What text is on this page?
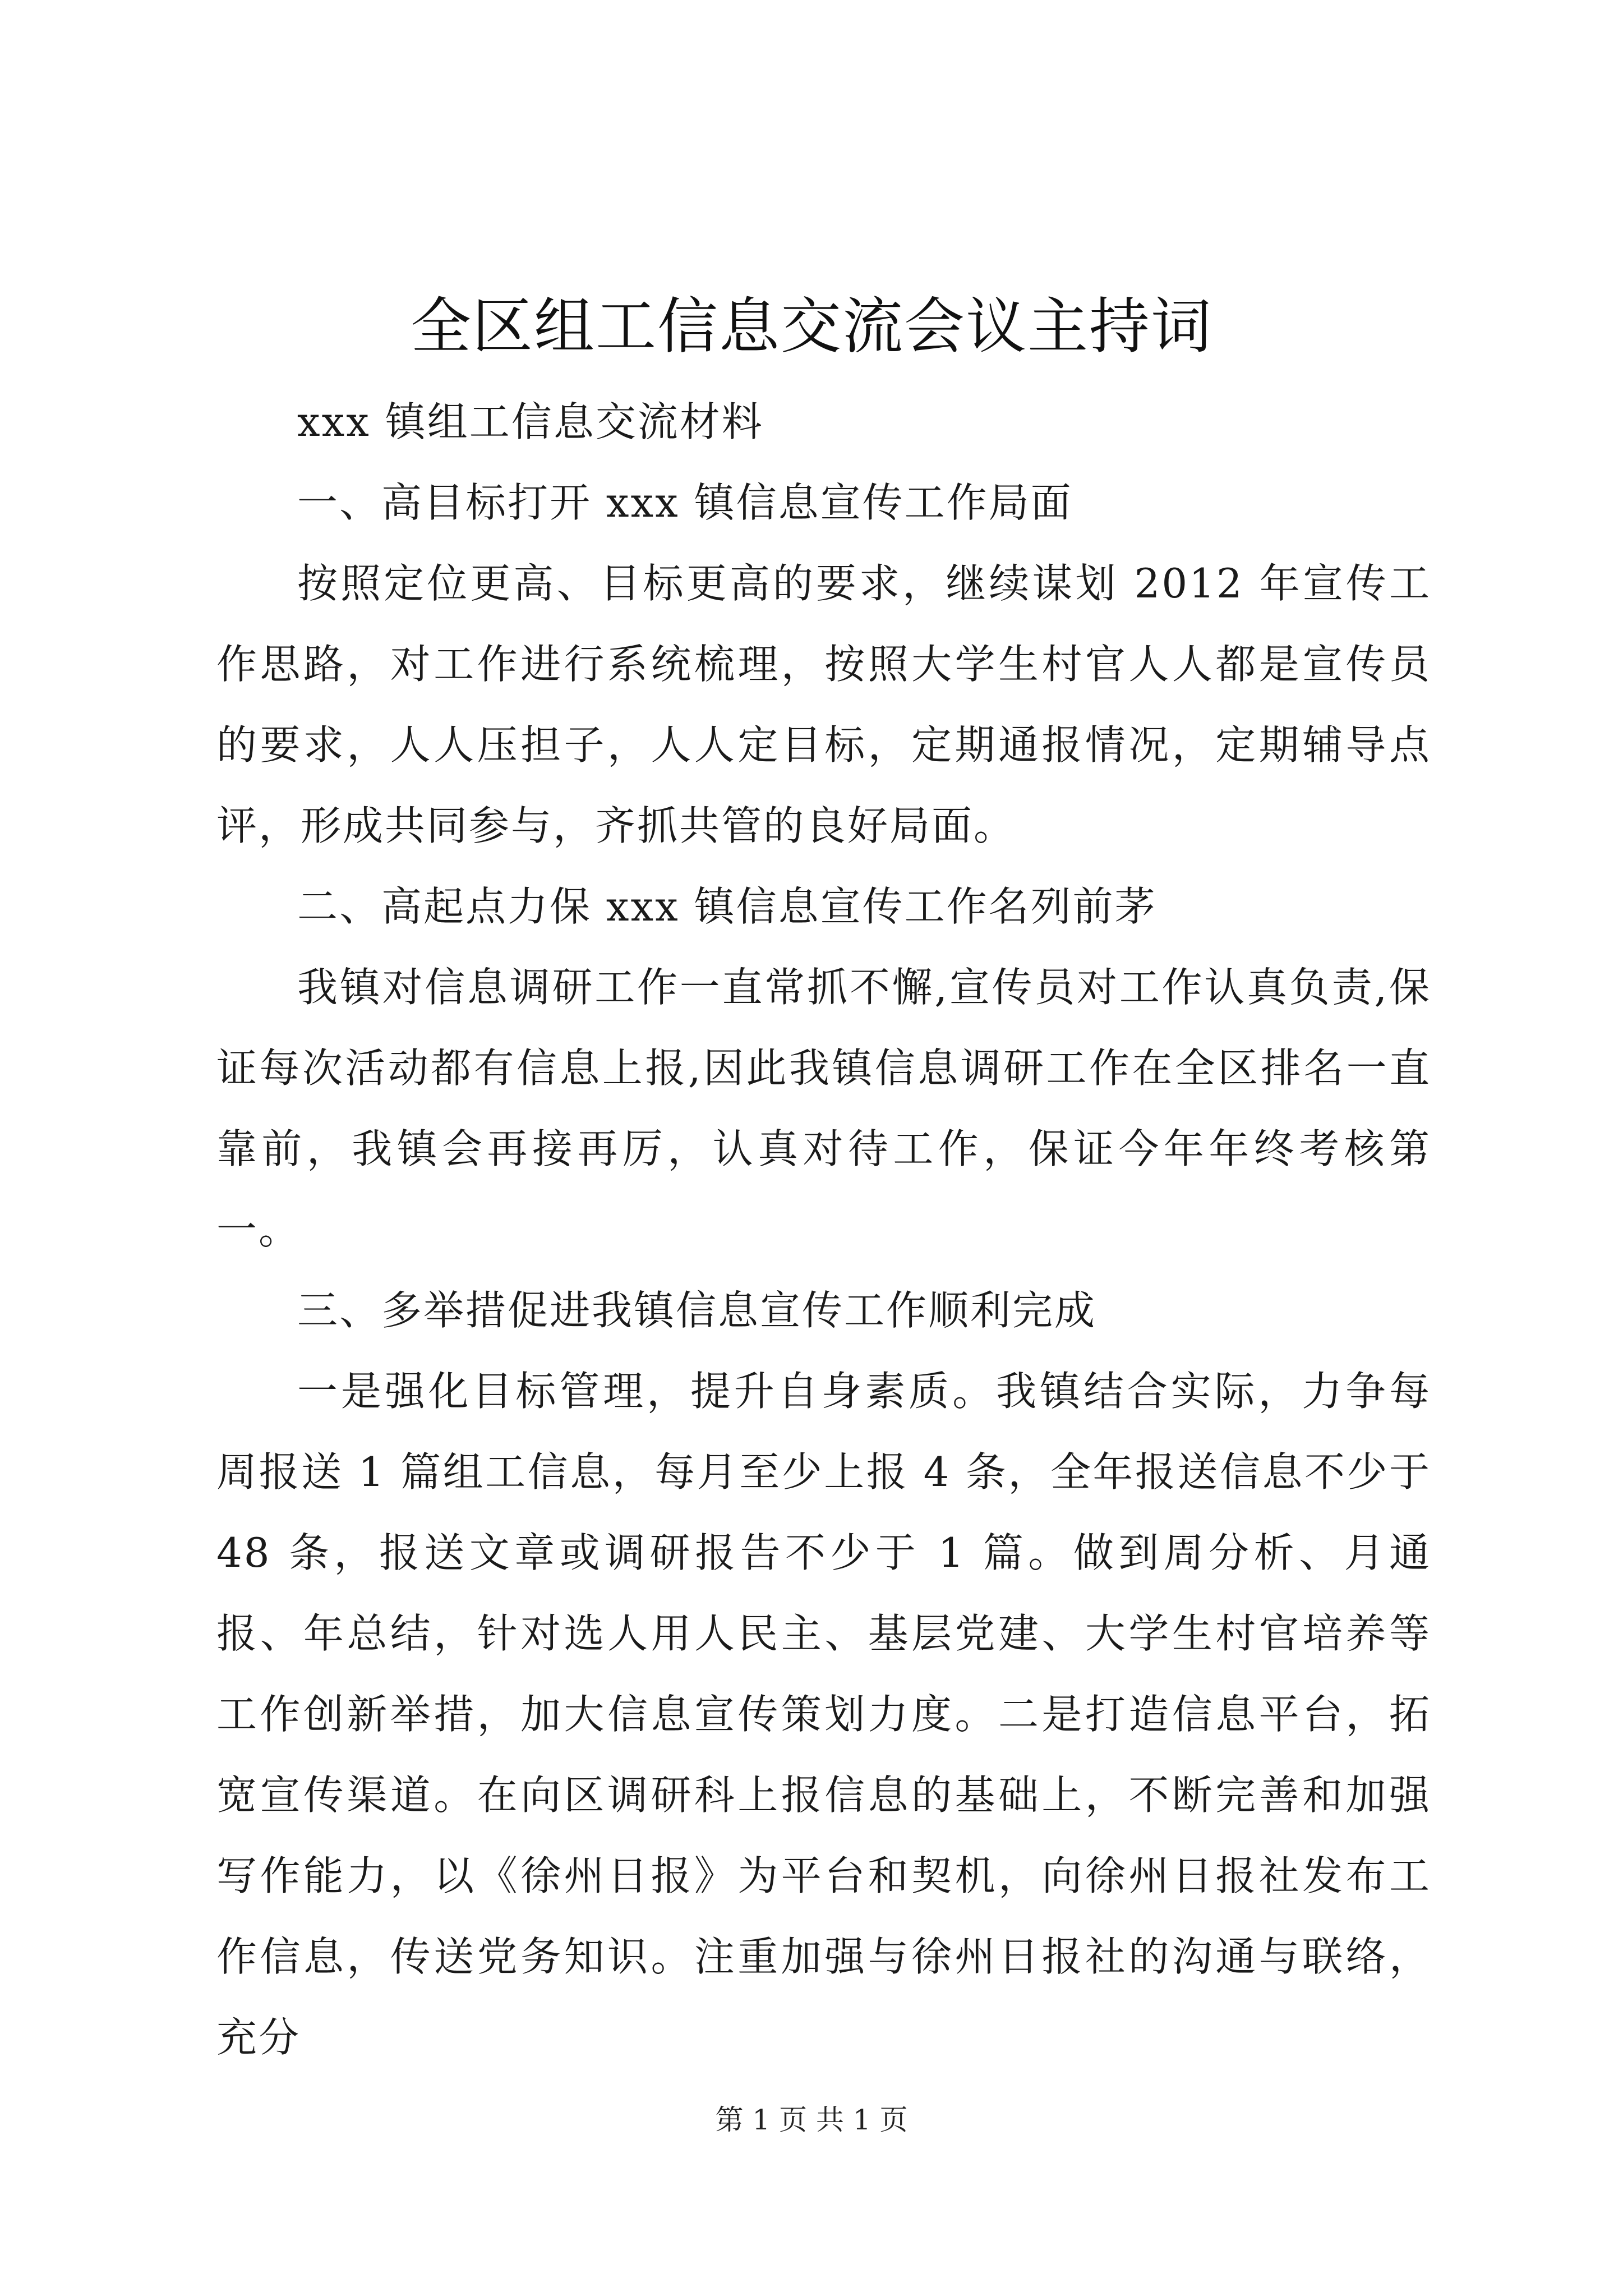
全区组工信息交流会议主持词

xxx 镇组工信息交流材料

一、高目标打开 xxx 镇信息宣传工作局面

按照定位更高、目标更高的要求，继续谋划 2012 年宣传工作思路，对工作进行系统梳理，按照大学生村官人人都是宣传员的要求，人人压担子，人人定目标，定期通报情况，定期辅导点评，形成共同参与，齐抓共管的良好局面。

二、高起点力保 xxx 镇信息宣传工作名列前茅

我镇对信息调研工作一直常抓不懈,宣传员对工作认真负责,保证每次活动都有信息上报,因此我镇信息调研工作在全区排名一直靠前，我镇会再接再厉，认真对待工作，保证今年年终考核第一。

三、多举措促进我镇信息宣传工作顺利完成

一是强化目标管理，提升自身素质。我镇结合实际，力争每周报送 1 篇组工信息，每月至少上报 4 条，全年报送信息不少于 48 条，报送文章或调研报告不少于 1 篇。做到周分析、月通报、年总结，针对选人用人民主、基层党建、大学生村官培养等工作创新举措，加大信息宣传策划力度。二是打造信息平台，拓宽宣传渠道。在向区调研科上报信息的基础上，不断完善和加强写作能力，以《徐州日报》为平台和契机，向徐州日报社发布工作信息，传送党务知识。注重加强与徐州日报社的沟通与联络，充分

第 1 页 共 1 页
